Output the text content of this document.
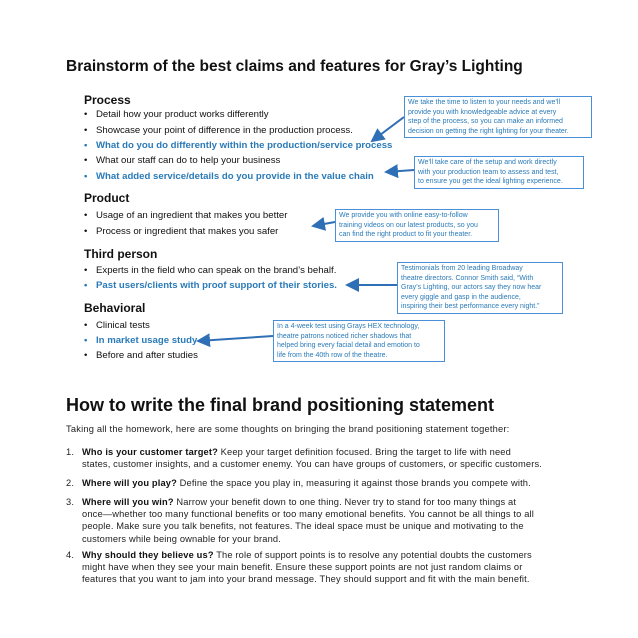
Brainstorm of the best claims and features for Gray’s Lighting
Process
• Detail how your product works differently
• Showcase your point of difference in the production process.
• What do you do differently within the production/service process
• What our staff can do to help your business
• What added service/details do you provide in the value chain
Product
• Usage of an ingredient that makes you better
• Process or ingredient that makes you safer
Third person
• Experts in the field who can speak on the brand’s behalf.
• Past users/clients with proof support of their stories.
Behavioral
• Clinical tests
• In market usage study
• Before and after studies

We take the time to listen to your needs and we’ll

provide you with knowledgeable advice at every

step of the process, so you can make an informed

decision on getting the right lighting for your theater.

We’ll take care of the setup and work directly

with your production team to assess and test,

to ensure you get the ideal lighting experience.

We provide you with online easy-to-follow

training videos on our latest products, so you

can find the right product to fit your theater.

Testimonials from 20 leading Broadway

theatre directors. Connor Smith said, “With

Gray’s Lighting, our actors say they now hear

every giggle and gasp in the audience,

inspiring their best performance every night.”

In a 4-week test using Grays HEX technology,

theatre patrons noticed richer shadows that

helped bring every facial detail and emotion to

life from the 40th row of the theatre.

How to write the final brand positioning statement
Taking all the homework, here are some thoughts on bringing the brand positioning statement together:
1. Who is your customer target? Keep your target definition focused. Bring the target to life with need
states, customer insights, and a customer enemy. You can have groups of customers, or specific customers.
2. Where will you play? Define the space you play in, measuring it against those brands you compete with.
3. Where will you win? Narrow your benefit down to one thing. Never try to stand for too many things at
once—whether too many functional benefits or too many emotional benefits. You cannot be all things to all
people. Make sure you talk benefits, not features. The ideal space must be unique and motivating to the
customers while being ownable for your brand.
4. Why should they believe us? The role of support points is to resolve any potential doubts the customers
might have when they see your main benefit. Ensure these support points are not just random claims or
features that you want to jam into your brand message. They should support and fit with the main benefit.
